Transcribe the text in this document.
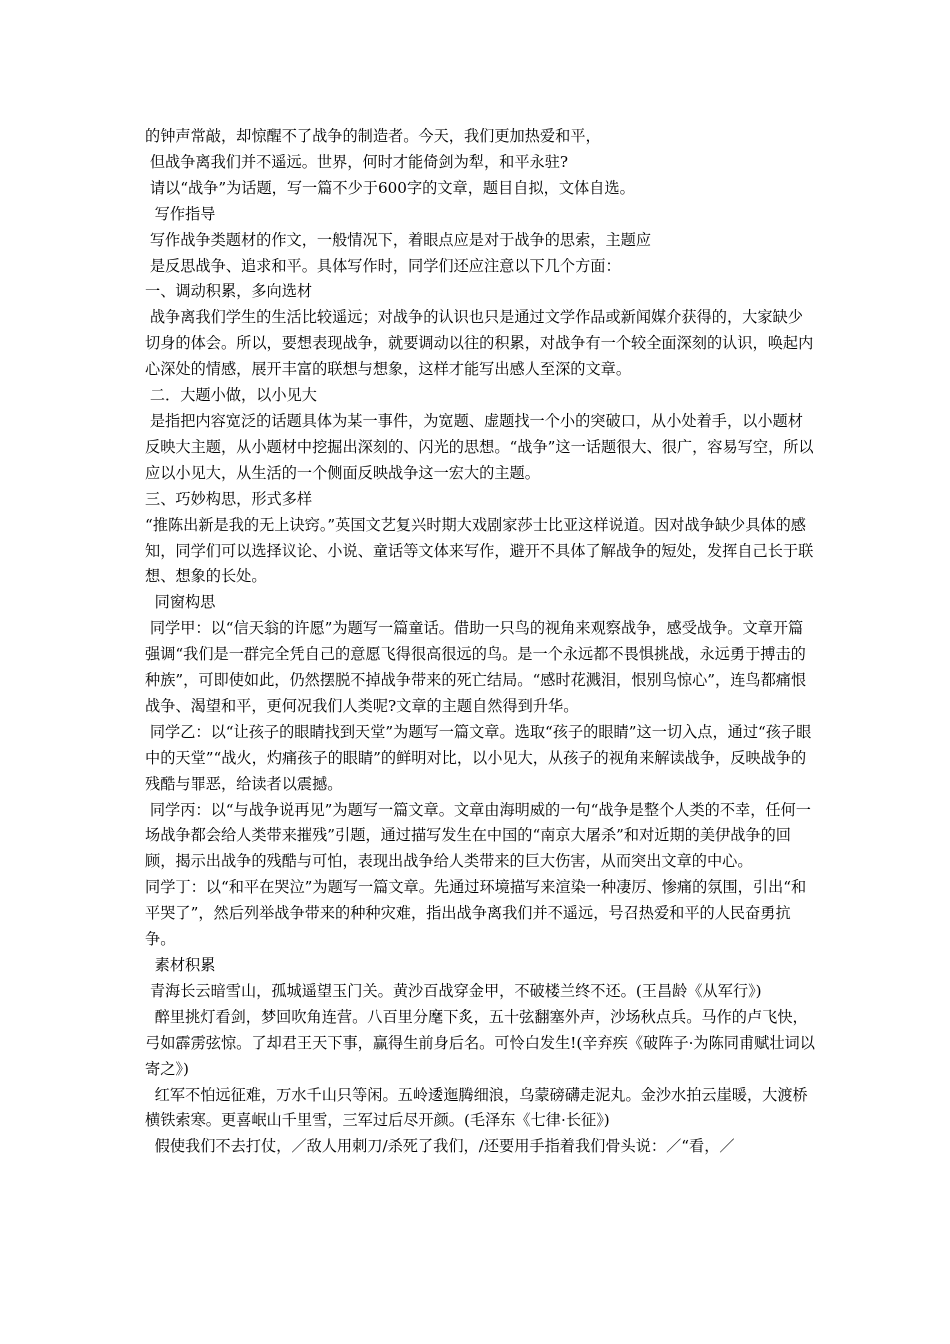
的钟声常敲，却惊醒不了战争的制造者。今天，我们更加热爱和平，

但战争离我们并不遥远。世界，何时才能倚剑为犁，和平永驻?

请以“战争”为话题，写一篇不少于600字的文章，题目自拟，文体自选。

写作指导

写作战争类题材的作文，一般情况下，着眼点应是对于战争的思索，主题应

是反思战争、追求和平。具体写作时，同学们还应注意以下几个方面：

一、调动积累，多向选材

战争离我们学生的生活比较遥远；对战争的认识也只是通过文学作品或新闻媒介获得的，大家缺少切身的体会。所以，要想表现战争，就要调动以往的积累，对战争有一个较全面深刻的认识，唤起内心深处的情感，展开丰富的联想与想象，这样才能写出感人至深的文章。

二．大题小做，以小见大

是指把内容宽泛的话题具体为某一事件，为宽题、虚题找一个小的突破口，从小处着手，以小题材反映大主题，从小题材中挖掘出深刻的、闪光的思想。“战争”这一话题很大、很广，容易写空，所以应以小见大，从生活的一个侧面反映战争这一宏大的主题。

三、巧妙构思，形式多样

“推陈出新是我的无上诀窍。”英国文艺复兴时期大戏剧家莎士比亚这样说道。因对战争缺少具体的感知，同学们可以选择议论、小说、童话等文体来写作，避开不具体了解战争的短处，发挥自己长于联想、想象的长处。

同窗构思

同学甲：以“信天翁的许愿”为题写一篇童话。借助一只鸟的视角来观察战争，感受战争。文章开篇强调“我们是一群完全凭自己的意愿飞得很高很远的鸟。是一个永远都不畏惧挑战，永远勇于搏击的种族”，可即使如此，仍然摆脱不掉战争带来的死亡结局。“感时花溅泪，恨别鸟惊心”，连鸟都痛恨战争、渴望和平，更何况我们人类呢?文章的主题自然得到升华。

同学乙：以“让孩子的眼睛找到天堂”为题写一篇文章。选取“孩子的眼睛”这一切入点，通过“孩子眼中的天堂”“战火，灼痛孩子的眼睛”的鲜明对比，以小见大，从孩子的视角来解读战争，反映战争的残酷与罪恶，给读者以震撼。

同学丙：以“与战争说再见”为题写一篇文章。文章由海明威的一句“战争是整个人类的不幸，任何一场战争都会给人类带来摧残”引题，通过描写发生在中国的“南京大屠杀”和对近期的美伊战争的回顾，揭示出战争的残酷与可怕，表现出战争给人类带来的巨大伤害，从而突出文章的中心。

同学丁：以“和平在哭泣”为题写一篇文章。先通过环境描写来渲染一种凄厉、惨痛的氛围，引出“和平哭了”，然后列举战争带来的种种灾难，指出战争离我们并不遥远，号召热爱和平的人民奋勇抗争。

素材积累

青海长云暗雪山，孤城遥望玉门关。黄沙百战穿金甲，不破楼兰终不还。(王昌龄《从军行》)

醉里挑灯看剑，梦回吹角连营。八百里分麾下炙，五十弦翻塞外声，沙场秋点兵。马作的卢飞快，弓如霹雳弦惊。了却君王天下事，赢得生前身后名。可怜白发生!(辛弃疾《破阵子·为陈同甫赋壮词以寄之》)

红军不怕远征难，万水千山只等闲。五岭逶迤腾细浪，乌蒙磅礴走泥丸。金沙水拍云崖暖，大渡桥横铁索寒。更喜岷山千里雪，三军过后尽开颜。(毛泽东《七律·长征》)

假使我们不去打仗，／敌人用刺刀/杀死了我们，/还要用手指着我们骨头说：／“看，／
